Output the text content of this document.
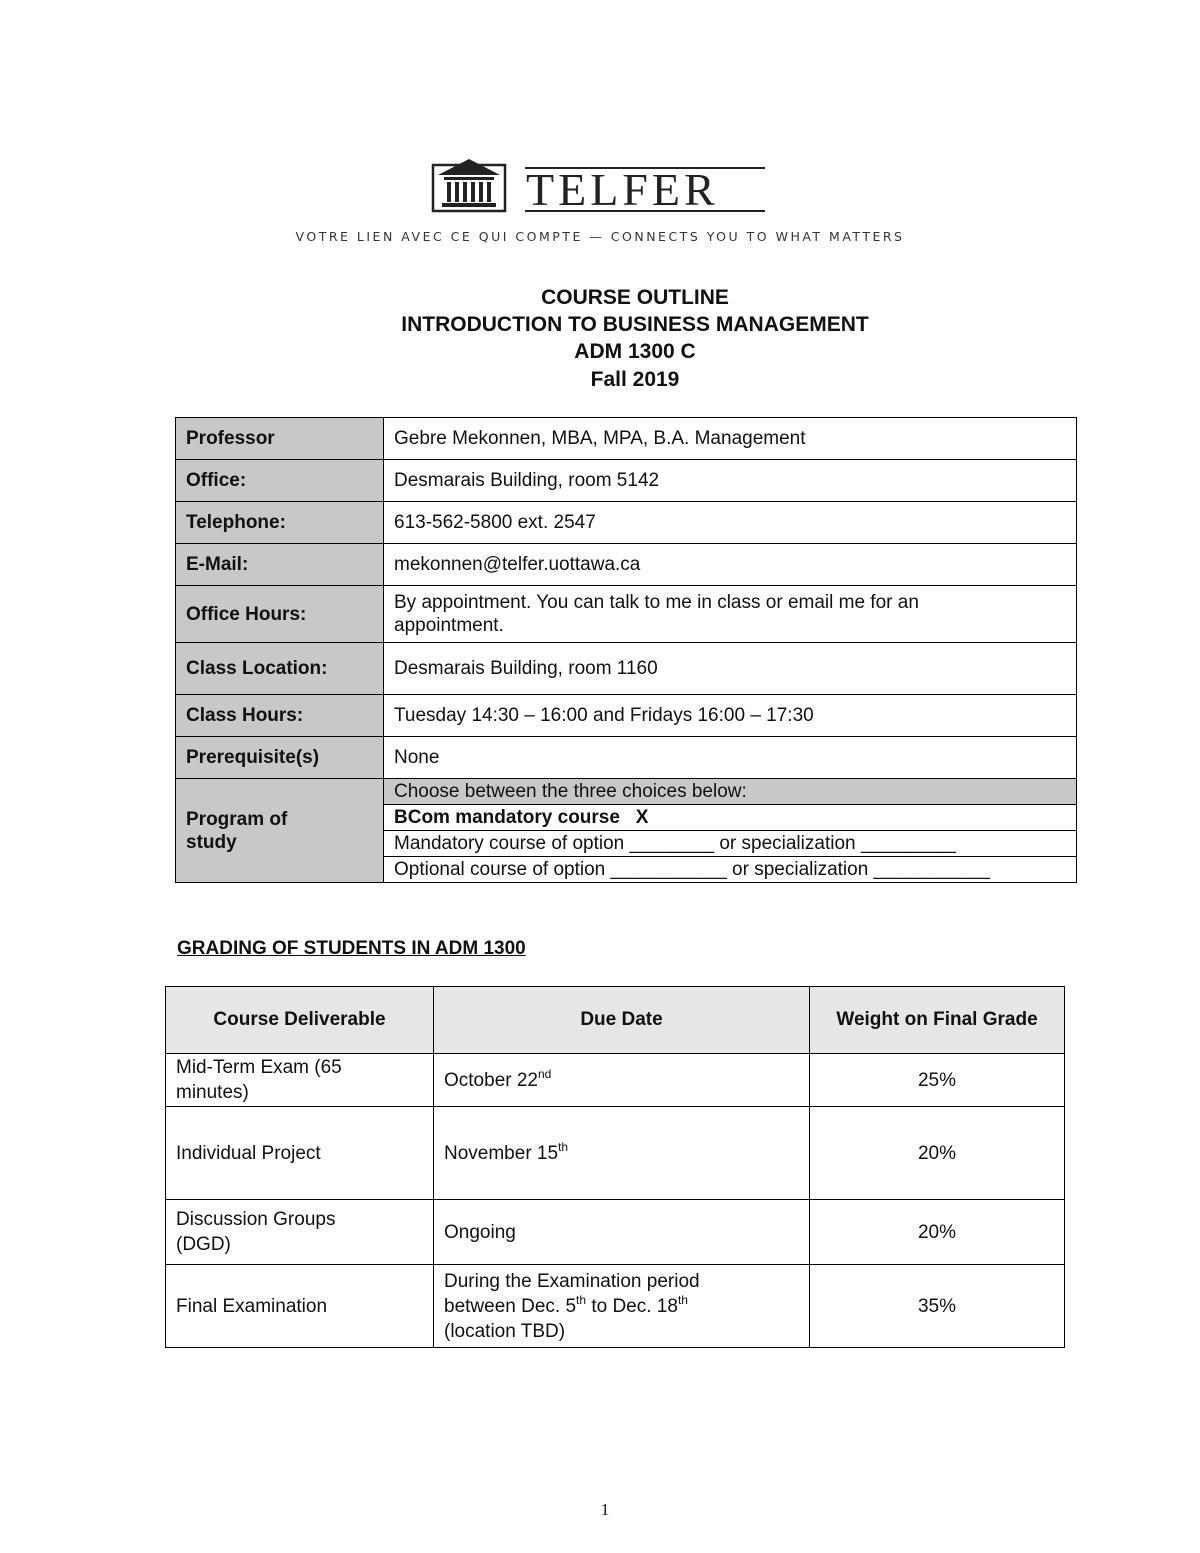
TELFER
VOTRE LIEN AVEC CE QUI COMPTE — CONNECTS YOU TO WHAT MATTERS
COURSE OUTLINE
INTRODUCTION TO BUSINESS MANAGEMENT
ADM 1300 C
Fall 2019
Professor	Gebre Mekonnen, MBA, MPA, B.A. Management
Office:	Desmarais Building, room 5142
Telephone:	613-562-5800 ext. 2547
E-Mail:	mekonnen@telfer.uottawa.ca
Office Hours:	By appointment. You can talk to me in class or email me for an appointment.
Class Location:	Desmarais Building, room 1160
Class Hours:	Tuesday 14:30 – 16:00 and Fridays 16:00 – 17:30
Prerequisite(s)	None
Program of study	Choose between the three choices below:
BCom mandatory course   X
Mandatory course of option ________ or specialization _________
Optional course of option ___________ or specialization ___________
GRADING OF STUDENTS IN ADM 1300
Course Deliverable	Due Date	Weight on Final Grade
Mid-Term Exam (65 minutes)	October 22nd	25%
Individual Project	November 15th	20%
Discussion Groups (DGD)	Ongoing	20%
Final Examination	During the Examination period
between Dec. 5th to Dec. 18th
(location TBD)	35%
1
